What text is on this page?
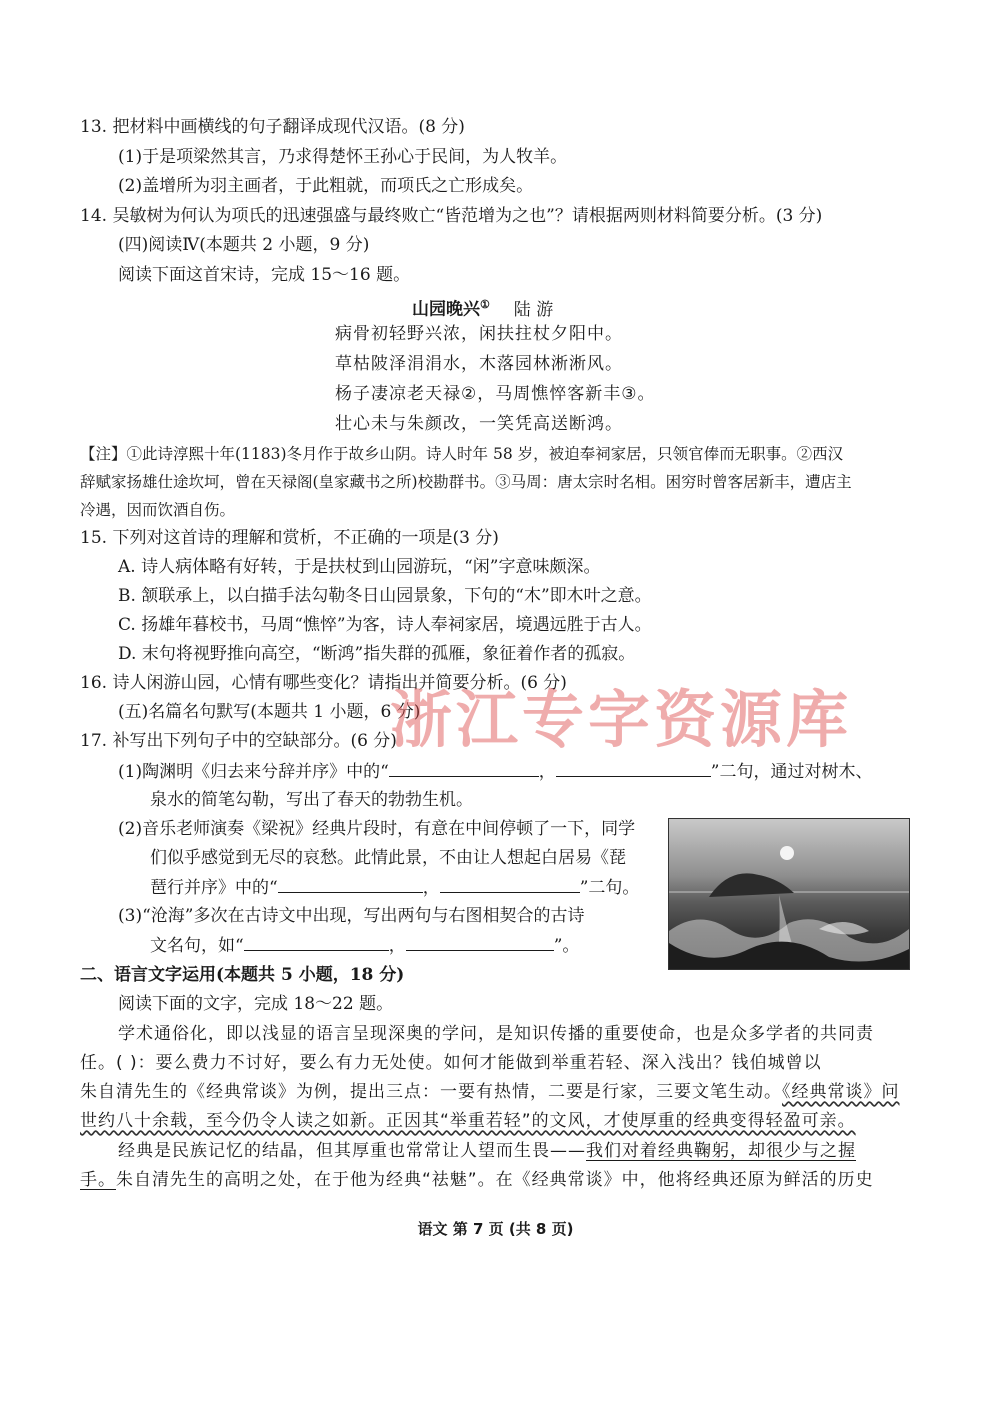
13. 把材料中画横线的句子翻译成现代汉语。(8 分)
(1)于是项梁然其言，乃求得楚怀王孙心于民间，为人牧羊。
(2)盖增所为羽主画者，于此粗就，而项氏之亡形成矣。
14. 吴敏树为何认为项氏的迅速强盛与最终败亡“皆范增为之也”？请根据两则材料简要分析。(3 分)
(四)阅读Ⅳ(本题共 2 小题，9 分)
阅读下面这首宋诗，完成 15～16 题。
山园晚兴① 陆 游
病骨初轻野兴浓，闲扶拄杖夕阳中。
草枯陂泽涓涓水，木落园林淅淅风。
杨子凄凉老天禄②，马周憔悴客新丰③。
壮心未与朱颜改，一笑凭高送断鸿。
【注】①此诗淳熙十年(1183)冬月作于故乡山阴。诗人时年 58 岁，被迫奉祠家居，只领官俸而无职事。②西汉
辞赋家扬雄仕途坎坷，曾在天禄阁(皇家藏书之所)校勘群书。③马周：唐太宗时名相。困穷时曾客居新丰，遭店主
冷遇，因而饮酒自伤。
15. 下列对这首诗的理解和赏析，不正确的一项是(3 分)
A. 诗人病体略有好转，于是扶杖到山园游玩，“闲”字意味颇深。
B. 颔联承上，以白描手法勾勒冬日山园景象，下句的“木”即木叶之意。
C. 扬雄年暮校书，马周“憔悴”为客，诗人奉祠家居，境遇远胜于古人。
D. 末句将视野推向高空，“断鸿”指失群的孤雁，象征着作者的孤寂。
16. 诗人闲游山园，心情有哪些变化？请指出并简要分析。(6 分)
(五)名篇名句默写(本题共 1 小题，6 分)
17. 补写出下列句子中的空缺部分。(6 分)
(1)陶渊明《归去来兮辞并序》中的“	，	”二句，通过对树木、
泉水的简笔勾勒，写出了春天的勃勃生机。
(2)音乐老师演奏《梁祝》经典片段时，有意在中间停顿了一下，同学
们似乎感觉到无尽的哀愁。此情此景，不由让人想起白居易《琵
琶行并序》中的“	，	”二句。
(3)“沧海”多次在古诗文中出现，写出两句与右图相契合的古诗
文名句，如“	，	”。
二、语言文字运用(本题共 5 小题，18 分)
阅读下面的文字，完成 18～22 题。
学术通俗化，即以浅显的语言呈现深奥的学问，是知识传播的重要使命，也是众多学者的共同责
任。( )：要么费力不讨好，要么有力无处使。如何才能做到举重若轻、深入浅出？钱伯城曾以
朱自清先生的《经典常谈》为例，提出三点：一要有热情，二要是行家，三要文笔生动。《经典常谈》问
世约八十余载，至今仍令人读之如新。正因其“举重若轻”的文风，才使厚重的经典变得轻盈可亲。
经典是民族记忆的结晶，但其厚重也常常让人望而生畏——我们对着经典鞠躬，却很少与之握
手。朱自清先生的高明之处，在于他为经典“祛魅”。在《经典常谈》中，他将经典还原为鲜活的历史
浙江专字资源库
语文 第 7 页 (共 8 页)
